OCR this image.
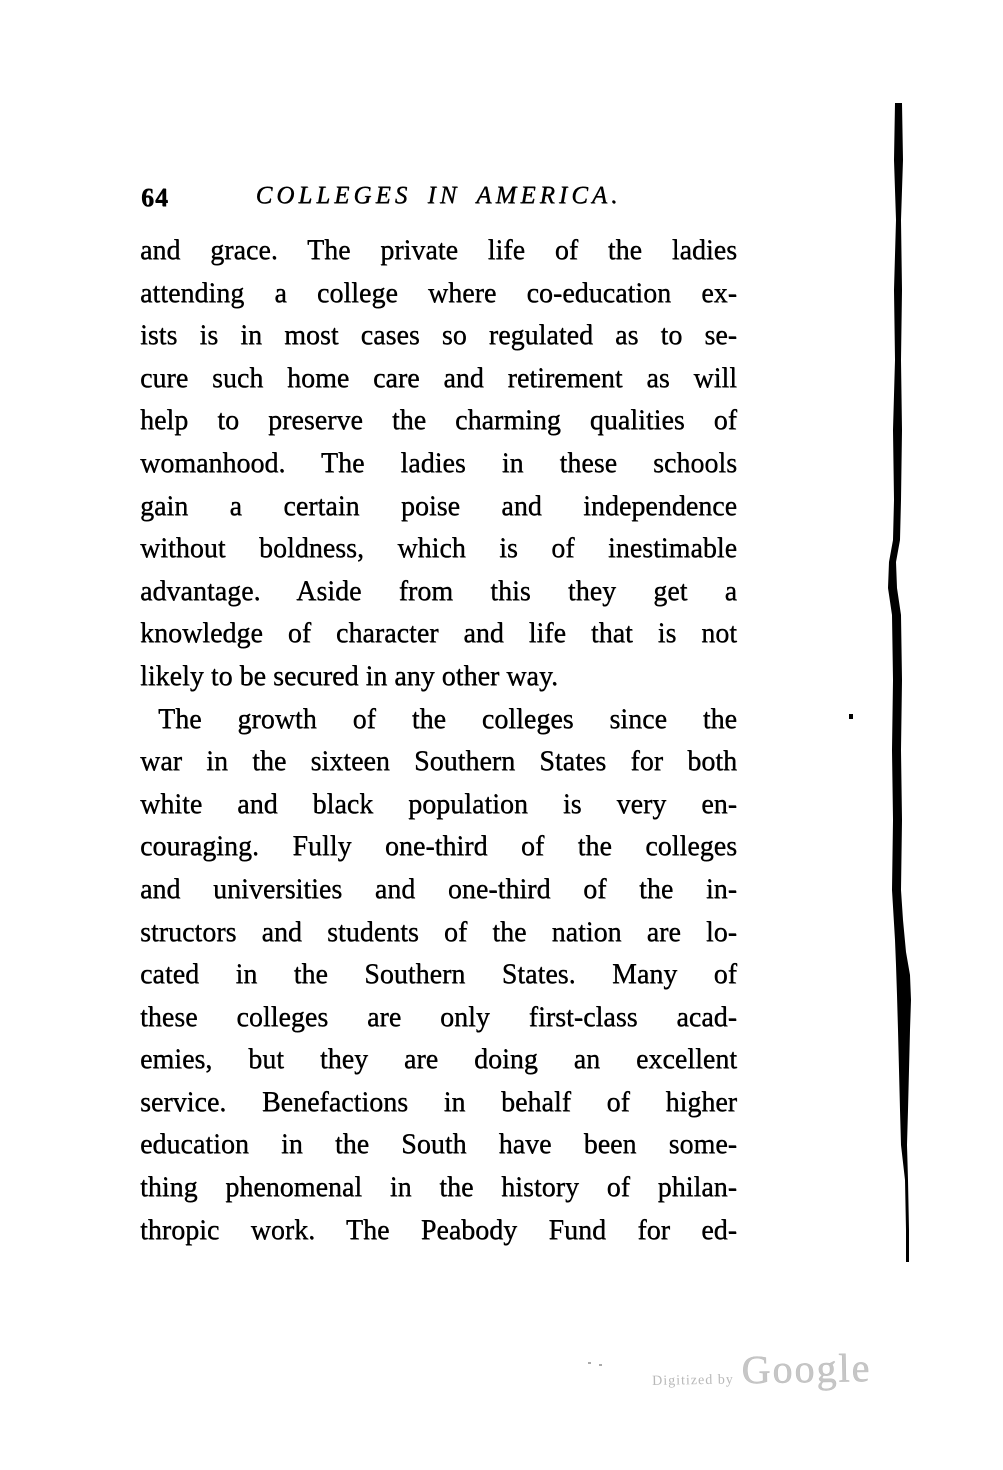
64	COLLEGES IN AMERICA.
and grace. The private life of the ladies
attending a college where co-education ex-
ists is in most cases so regulated as to se-
cure such home care and retirement as will
help to preserve the charming qualities of
womanhood. The ladies in these schools
gain a certain poise and independence
without boldness, which is of inestimable
advantage. Aside from this they get a
knowledge of character and life that is not
likely to be secured in any other way.
The growth of the colleges since the
war in the sixteen Southern States for both
white and black population is very en-
couraging. Fully one-third of the colleges
and universities and one-third of the in-
structors and students of the nation are lo-
cated in the Southern States. Many of
these colleges are only first-class acad-
emies, but they are doing an excellent
service. Benefactions in behalf of higher
education in the South have been some-
thing phenomenal in the history of philan-
thropic work. The Peabody Fund for ed-
Digitized by Google
